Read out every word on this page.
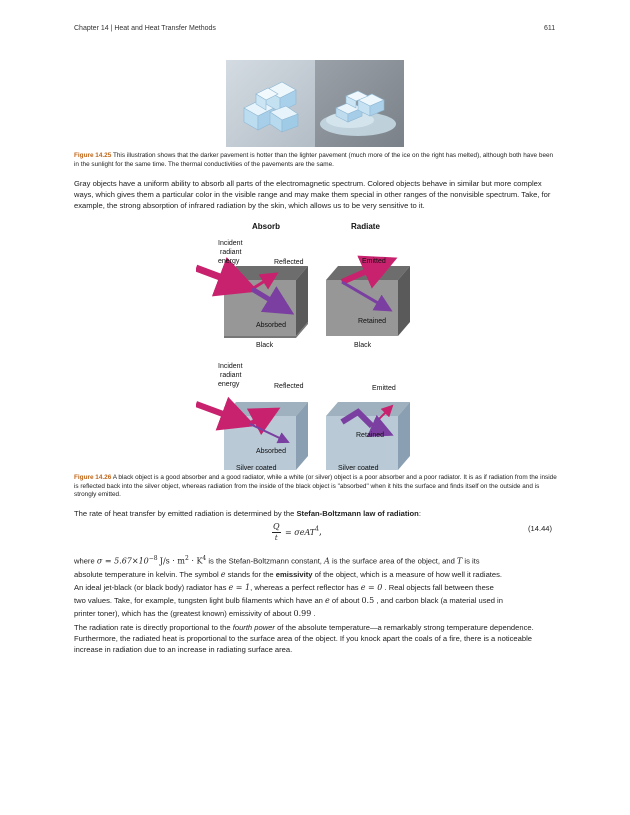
Chapter 14 | Heat and Heat Transfer Methods	611
Figure 14.25 This illustration shows that the darker pavement is hotter than the lighter pavement (much more of the ice on the right has melted), although both have been in the sunlight for the same time. The thermal conductivities of the pavements are the same.
Gray objects have a uniform ability to absorb all parts of the electromagnetic spectrum. Colored objects behave in similar but more complex ways, which gives them a particular color in the visible range and may make them special in other ranges of the nonvisible spectrum. Take, for example, the strong absorption of infrared radiation by the skin, which allows us to be very sensitive to it.
Absorb	Radiate
Incident
radiant
energy	Reflected
Absorbed
Black
Emitted
Retained
Black
Incident
radiant
energy	Reflected
Absorbed
Silver coated
Emitted
Retained
Silver coated
Figure 14.26 A black object is a good absorber and a good radiator, while a white (or silver) object is a poor absorber and a poor radiator. It is as if radiation from the inside is reflected back into the silver object, whereas radiation from the inside of the black object is "absorbed" when it hits the surface and finds itself on the outside and is strongly emitted.
The rate of heat transfer by emitted radiation is determined by the Stefan-Boltzmann law of radiation:
$\frac{Q}{t} = \sigma eAT^4$,	(14.44)
where $\sigma = 5.67\times 10^{-8}$ $J/s \cdot m^2 \cdot K^4$ is the Stefan-Boltzmann constant, A is the surface area of the object, and T is its
absolute temperature in kelvin. The symbol e stands for the emissivity of the object, which is a measure of how well it radiates.
An ideal jet-black (or black body) radiator has e = 1, whereas a perfect reflector has e = 0 . Real objects fall between these
two values. Take, for example, tungsten light bulb filaments which have an e of about 0.5 , and carbon black (a material used in
printer toner), which has the (greatest known) emissivity of about 0.99 .
The radiation rate is directly proportional to the fourth power of the absolute temperature—a remarkably strong temperature dependence. Furthermore, the radiated heat is proportional to the surface area of the object. If you knock apart the coals of a fire, there is a noticeable increase in radiation due to an increase in radiating surface area.
